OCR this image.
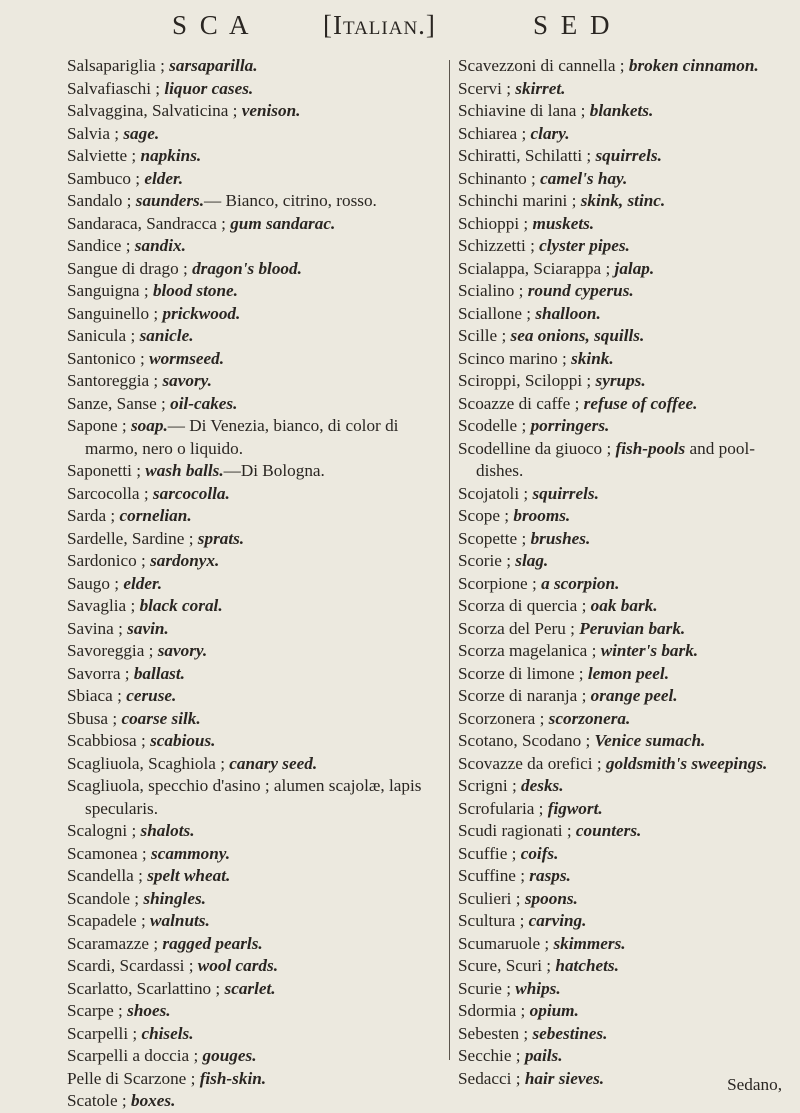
S C A	[Italian.]	S E D
Salsapariglia ; sarsaparilla.
Salvafiaschi ; liquor cases.
Salvaggina, Salvaticina ; venison.
Salvia ; sage.
Salviette ; napkins.
Sambuco ; elder.
Sandalo ; saunders.— Bianco, citrino, rosso.
Sandaraca, Sandracca ; gum sandarac.
Sandice ; sandix.
Sangue di drago ; dragon's blood.
Sanguigna ; blood stone.
Sanguinello ; prickwood.
Sanicula ; sanicle.
Santonico ; wormseed.
Santoreggia ; savory.
Sanze, Sanse ; oil-cakes.
Sapone ; soap.— Di Venezia, bianco, di color di marmo, nero o liquido.
Saponetti ; wash balls.—Di Bologna.
Sarcocolla ; sarcocolla.
Sarda ; cornelian.
Sardelle, Sardine ; sprats.
Sardonico ; sardonyx.
Saugo ; elder.
Savaglia ; black coral.
Savina ; savin.
Savoreggia ; savory.
Savorra ; ballast.
Sbiaca ; ceruse.
Sbusa ; coarse silk.
Scabbiosa ; scabious.
Scagliuola, Scaghiola ; canary seed.
Scagliuola, specchio d'asino ; alumen scajolæ, lapis specularis.
Scalogni ; shalots.
Scamonea ; scammony.
Scandella ; spelt wheat.
Scandole ; shingles.
Scapadele ; walnuts.
Scaramazze ; ragged pearls.
Scardi, Scardassi ; wool cards.
Scarlatto, Scarlattino ; scarlet.
Scarpe ; shoes.
Scarpelli ; chisels.
Scarpelli a doccia ; gouges.
Pelle di Scarzone ; fish-skin.
Scatole ; boxes.
Scavezzoni di cannella ; broken cinnamon.
Scervi ; skirret.
Schiavine di lana ; blankets.
Schiarea ; clary.
Schiratti, Schilatti ; squirrels.
Schinanto ; camel's hay.
Schinchi marini ; skink, stinc.
Schioppi ; muskets.
Schizzetti ; clyster pipes.
Scialappa, Sciarappa ; jalap.
Scialino ; round cyperus.
Sciallone ; shalloon.
Scille ; sea onions, squills.
Scinco marino ; skink.
Sciroppi, Sciloppi ; syrups.
Scoazze di caffe ; refuse of coffee.
Scodelle ; porringers.
Scodelline da giuoco ; fish-pools and pool-dishes.
Scojatoli ; squirrels.
Scope ; brooms.
Scopette ; brushes.
Scorie ; slag.
Scorpione ; a scorpion.
Scorza di quercia ; oak bark.
Scorza del Peru ; Peruvian bark.
Scorza magelanica ; winter's bark.
Scorze di limone ; lemon peel.
Scorze di naranja ; orange peel.
Scorzonera ; scorzonera.
Scotano, Scodano ; Venice sumach.
Scovazze da orefici ; goldsmith's sweepings.
Scrigni ; desks.
Scrofularia ; figwort.
Scudi ragionati ; counters.
Scuffie ; coifs.
Scuffine ; rasps.
Sculieri ; spoons.
Scultura ; carving.
Scumaruole ; skimmers.
Scure, Scuri ; hatchets.
Scurie ; whips.
Sdormia ; opium.
Sebesten ; sebestines.
Secchie ; pails.
Sedacci ; hair sieves.	Sedano,
